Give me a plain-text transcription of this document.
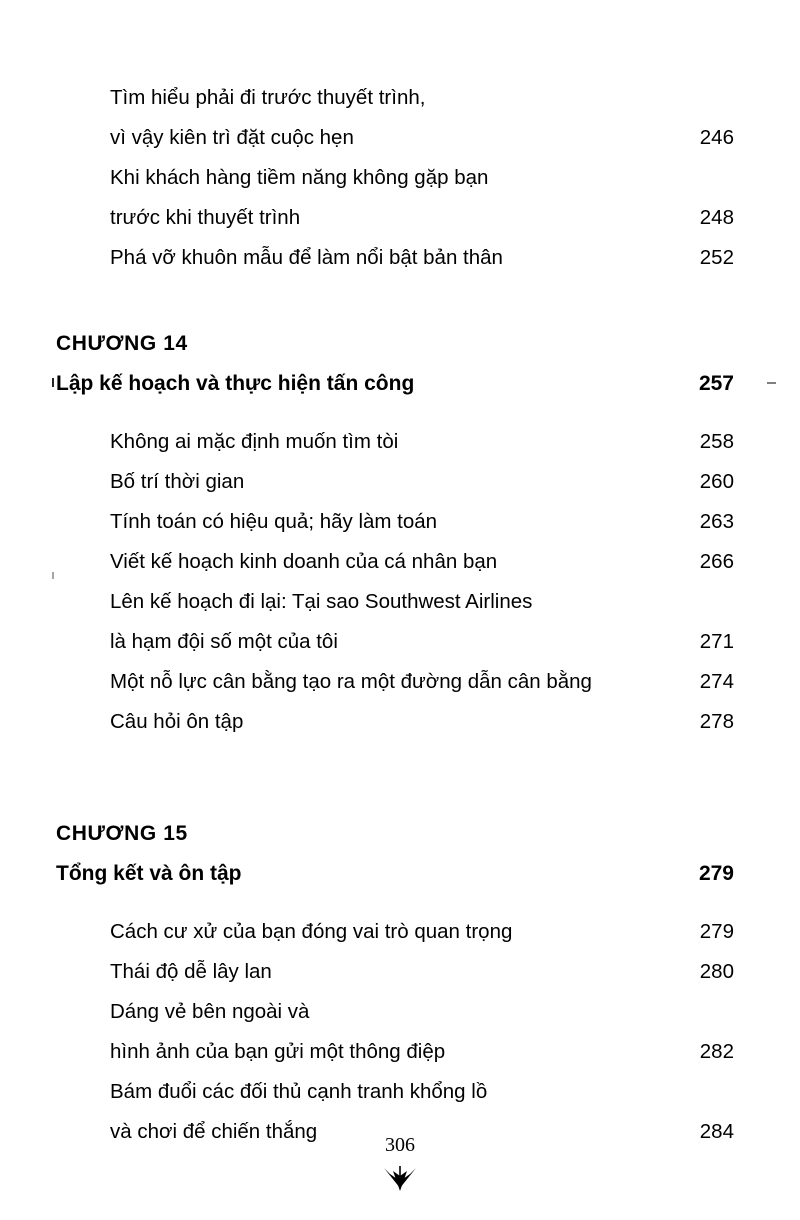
Tìm hiểu phải đi trước thuyết trình,
vì vậy kiên trì đặt cuộc hẹn	246
Khi khách hàng tiềm năng không gặp bạn
trước khi thuyết trình	248
Phá vỡ khuôn mẫu để làm nổi bật bản thân	252
CHƯƠNG 14
Lập kế hoạch và thực hiện tấn công	257
Không ai mặc định muốn tìm tòi	258
Bố trí thời gian	260
Tính toán có hiệu quả; hãy làm toán	263
Viết kế hoạch kinh doanh của cá nhân bạn	266
Lên kế hoạch đi lại: Tại sao Southwest Airlines
là hạm đội số một của tôi	271
Một nỗ lực cân bằng tạo ra một đường dẫn cân bằng	274
Câu hỏi ôn tập	278
CHƯƠNG 15
Tổng kết và ôn tập	279
Cách cư xử của bạn đóng vai trò quan trọng	279
Thái độ dễ lây lan	280
Dáng vẻ bên ngoài và
hình ảnh của bạn gửi một thông điệp	282
Bám đuổi các đối thủ cạnh tranh khổng lồ
và chơi để chiến thắng	284
306
